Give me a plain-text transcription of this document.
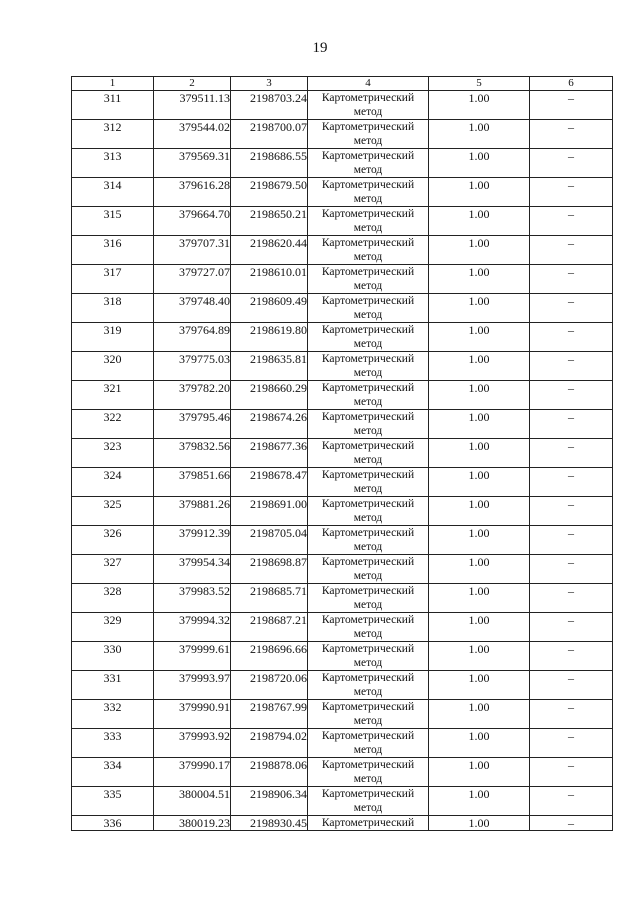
19
1	2	3	4	5	6
311	379511.13	2198703.24	Картометрический метод	1.00	–
312	379544.02	2198700.07	Картометрический метод	1.00	–
313	379569.31	2198686.55	Картометрический метод	1.00	–
314	379616.28	2198679.50	Картометрический метод	1.00	–
315	379664.70	2198650.21	Картометрический метод	1.00	–
316	379707.31	2198620.44	Картометрический метод	1.00	–
317	379727.07	2198610.01	Картометрический метод	1.00	–
318	379748.40	2198609.49	Картометрический метод	1.00	–
319	379764.89	2198619.80	Картометрический метод	1.00	–
320	379775.03	2198635.81	Картометрический метод	1.00	–
321	379782.20	2198660.29	Картометрический метод	1.00	–
322	379795.46	2198674.26	Картометрический метод	1.00	–
323	379832.56	2198677.36	Картометрический метод	1.00	–
324	379851.66	2198678.47	Картометрический метод	1.00	–
325	379881.26	2198691.00	Картометрический метод	1.00	–
326	379912.39	2198705.04	Картометрический метод	1.00	–
327	379954.34	2198698.87	Картометрический метод	1.00	–
328	379983.52	2198685.71	Картометрический метод	1.00	–
329	379994.32	2198687.21	Картометрический метод	1.00	–
330	379999.61	2198696.66	Картометрический метод	1.00	–
331	379993.97	2198720.06	Картометрический метод	1.00	–
332	379990.91	2198767.99	Картометрический метод	1.00	–
333	379993.92	2198794.02	Картометрический метод	1.00	–
334	379990.17	2198878.06	Картометрический метод	1.00	–
335	380004.51	2198906.34	Картометрический метод	1.00	–
336	380019.23	2198930.45	Картометрический	1.00	–
